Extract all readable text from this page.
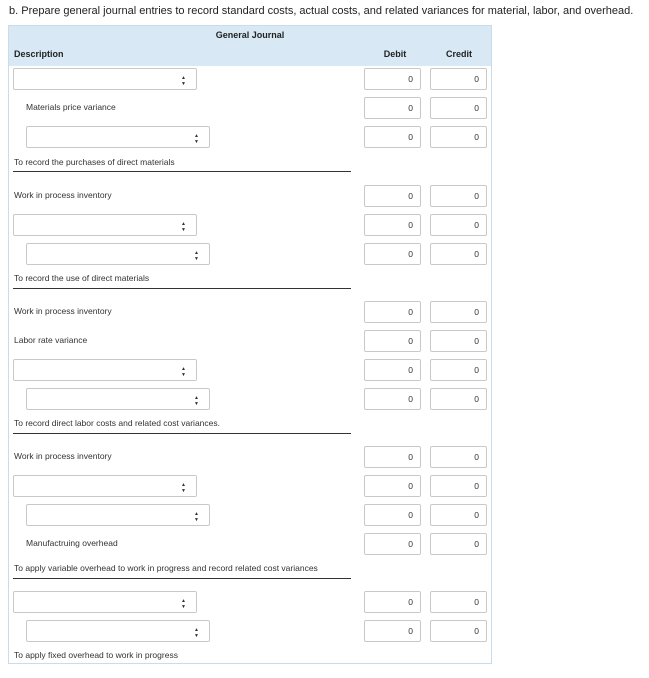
b. Prepare general journal entries to record standard costs, actual costs, and related variances for material, labor, and overhead.
General Journal
Description	Debit	Credit
▲
▼	0	0
Materials price variance	0	0
▲
▼	0	0
To record the purchases of direct materials
Work in process inventory	0	0
▲
▼	0	0
▲
▼	0	0
To record the use of direct materials
Work in process inventory	0	0
Labor rate variance	0	0
▲
▼	0	0
▲
▼	0	0
To record direct labor costs and related cost variances.
Work in process inventory	0	0
▲
▼	0	0
▲
▼	0	0
Manufactruing overhead	0	0
To apply variable overhead to work in progress and record related cost variances
▲
▼	0	0
▲
▼	0	0
To apply fixed overhead to work in progress
